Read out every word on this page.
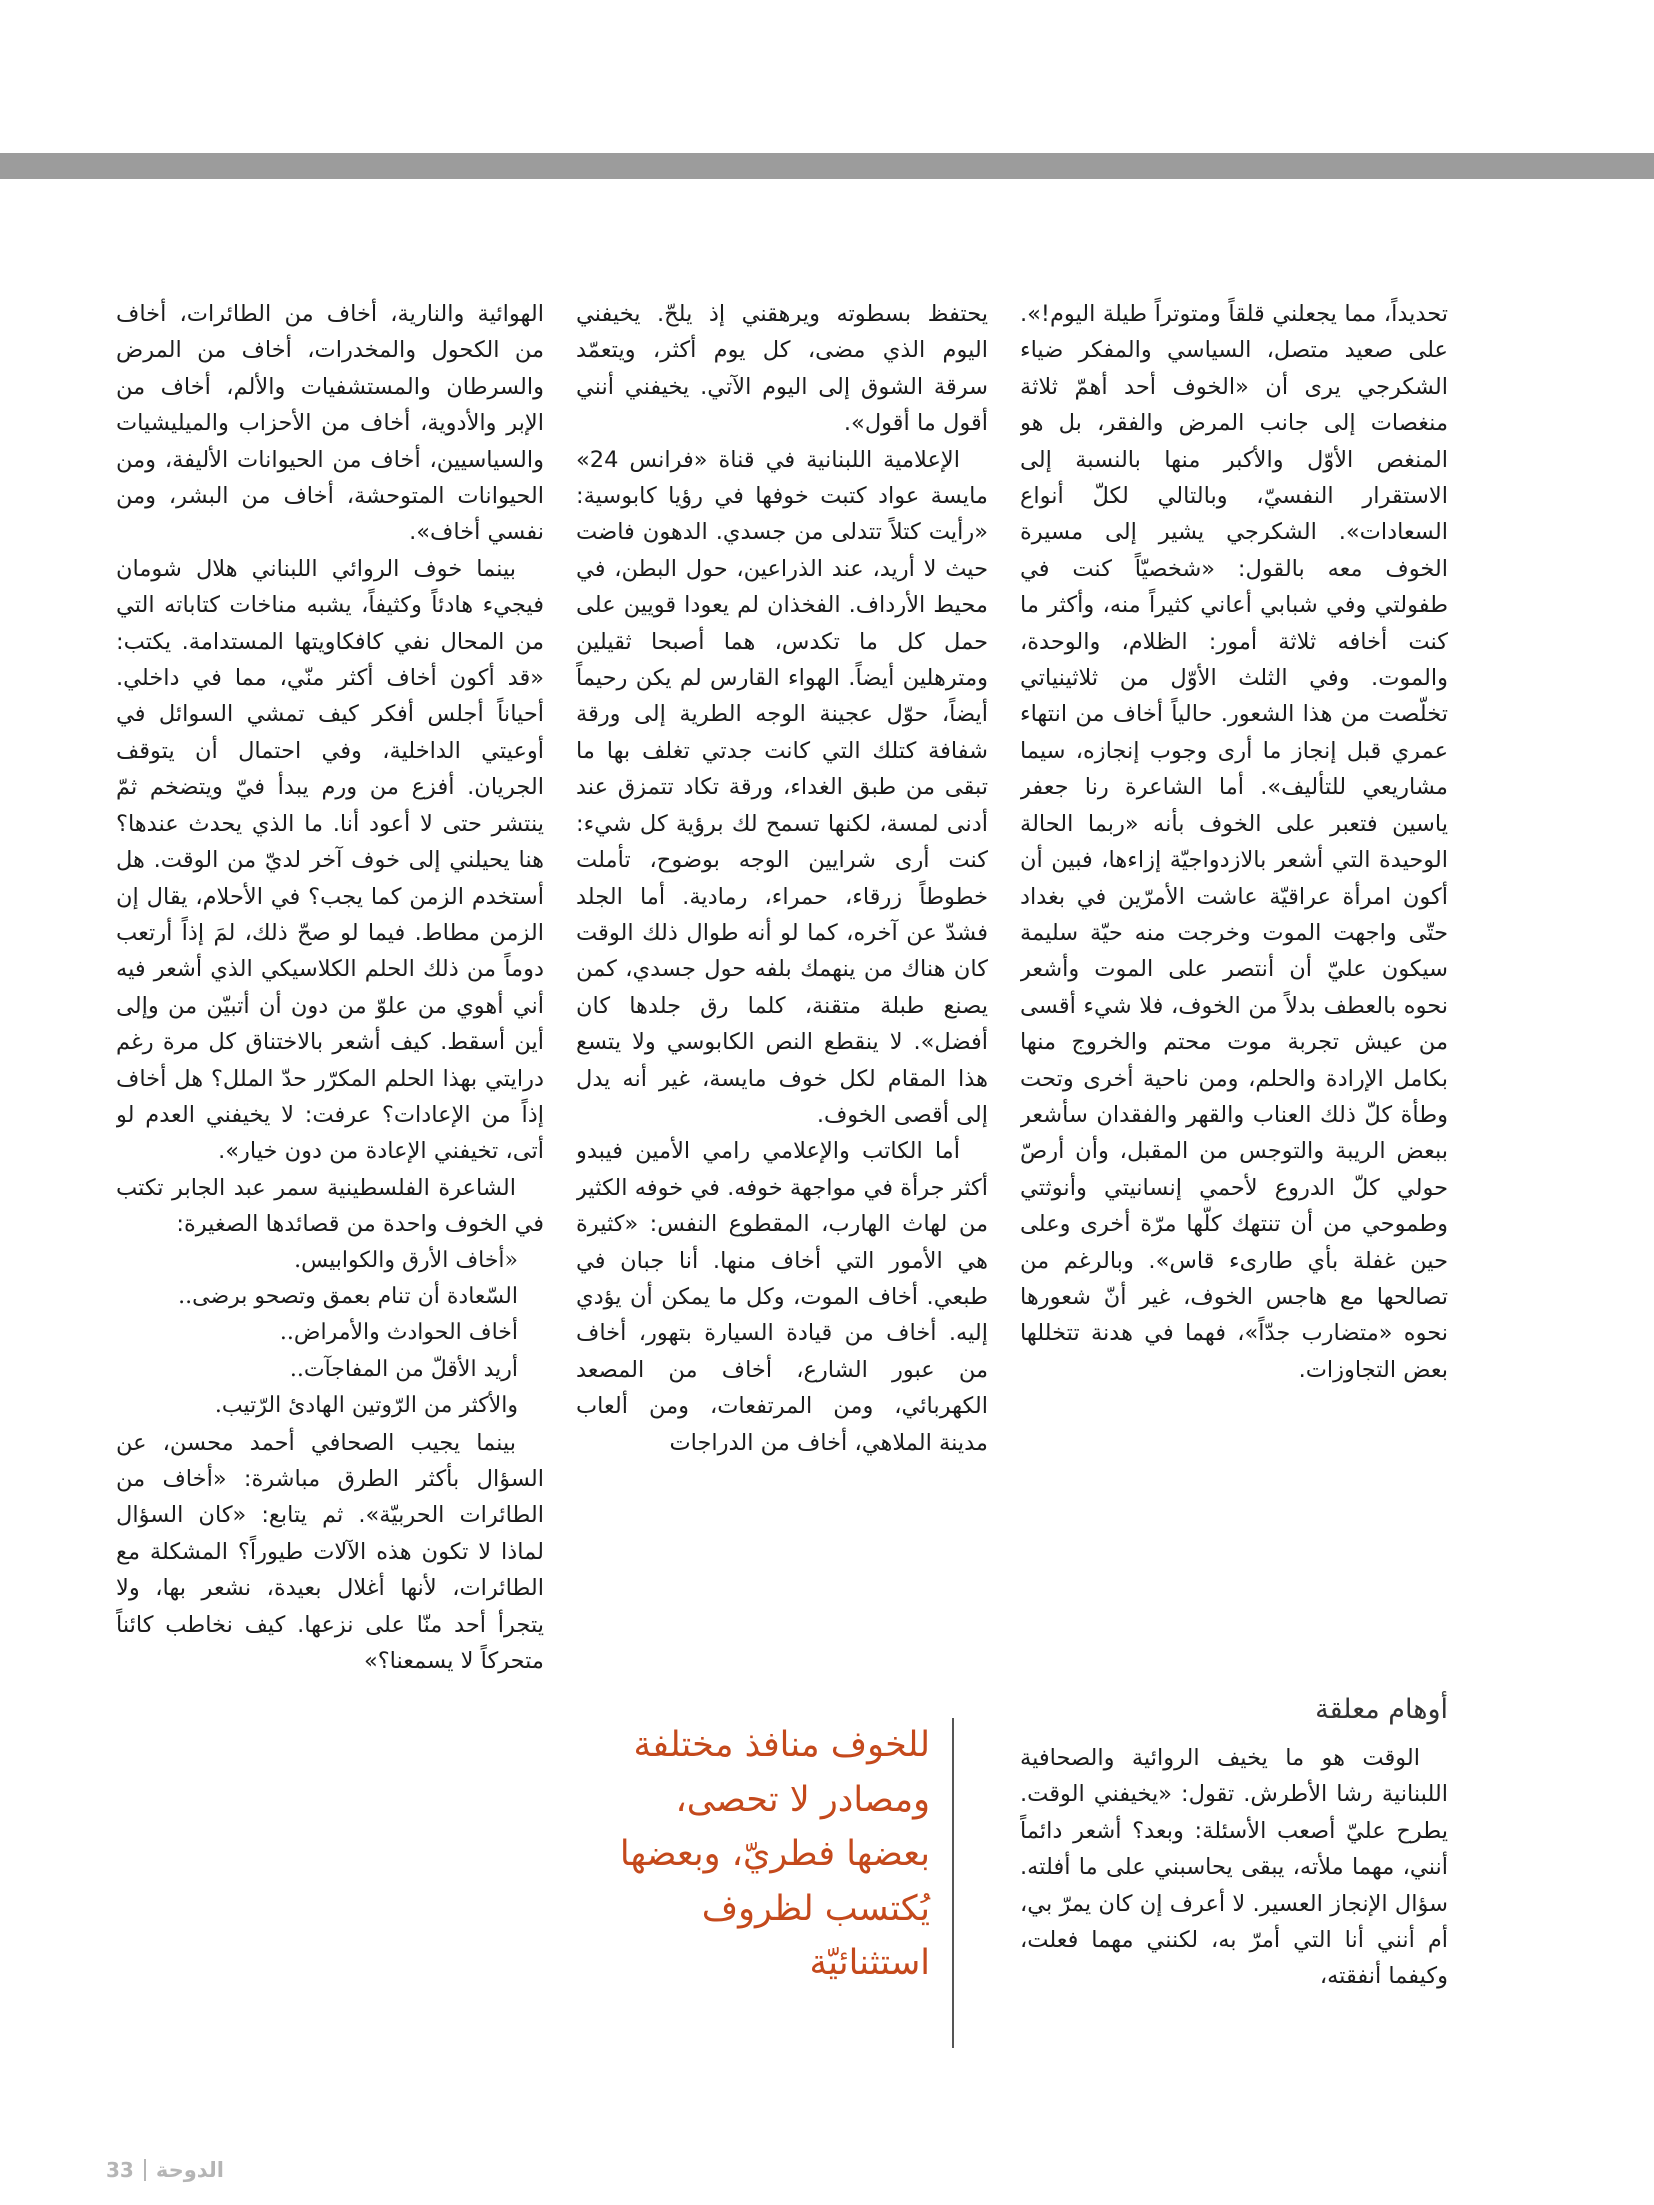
تحديداً، مما يجعلني قلقاً ومتوتراً طيلة اليوم!». على صعيد متصل، السياسي والمفكر ضياء الشكرجي يرى أن «الخوف أحد أهمّ ثلاثة منغصات إلى جانب المرض والفقر، بل هو المنغص الأوّل والأكبر منها بالنسبة إلى الاستقرار النفسيّ، وبالتالي لكلّ أنواع السعادات». الشكرجي يشير إلى مسيرة الخوف معه بالقول: «شخصيّاً كنت في طفولتي وفي شبابي أعاني كثيراً منه، وأكثر ما كنت أخافه ثلاثة أمور: الظلام، والوحدة، والموت. وفي الثلث الأوّل من ثلاثينياتي تخلّصت من هذا الشعور. حالياً أخاف من انتهاء عمري قبل إنجاز ما أرى وجوب إنجازه، سيما مشاريعي للتأليف». أما الشاعرة رنا جعفر ياسين فتعبر على الخوف بأنه «ربما الحالة الوحيدة التي أشعر بالازدواجيّة إزاءها، فبين أن أكون امرأة عراقيّة عاشت الأمرّين في بغداد حتّى واجهت الموت وخرجت منه حيّة سليمة سيكون عليّ أن أنتصر على الموت وأشعر نحوه بالعطف بدلاً من الخوف، فلا شيء أقسى من عيش تجربة موت محتم والخروج منها بكامل الإرادة والحلم، ومن ناحية أخرى وتحت وطأة كلّ ذلك العناب والقهر والفقدان سأشعر ببعض الريبة والتوجس من المقبل، وأن أرصّ حولي كلّ الدروع لأحمي إنسانيتي وأنوثتي وطموحي من أن تنتهك كلّها مرّة أخرى وعلى حين غفلة بأي طارىء قاس». وبالرغم من تصالحها مع هاجس الخوف، غير أنّ شعورها نحوه «متضارب جدّاً»، فهما في هدنة تتخللها بعض التجاوزات.

أوهام معلقة

الوقت هو ما يخيف الروائية والصحافية اللبنانية رشا الأطرش. تقول: «يخيفني الوقت. يطرح عليّ أصعب الأسئلة: وبعد؟ أشعر دائماً أنني، مهما ملأته، يبقى يحاسبني على ما أفلته. سؤال الإنجاز العسير. لا أعرف إن كان يمرّ بي، أم أنني أنا التي أمرّ به، لكنني مهما فعلت، وكيفما أنفقته،

يحتفظ بسطوته ويرهقني إذ يلحّ. يخيفني اليوم الذي مضى، كل يوم أكثر، ويتعمّد سرقة الشوق إلى اليوم الآتي. يخيفني أنني أقول ما أقول».

الإعلامية اللبنانية في قناة «فرانس 24» مايسة عواد كتبت خوفها في رؤيا كابوسية: «رأيت كتلاً تتدلى من جسدي. الدهون فاضت حيث لا أريد، عند الذراعين، حول البطن، في محيط الأرداف. الفخذان لم يعودا قويين على حمل كل ما تكدس، هما أصبحا ثقيلين ومترهلين أيضاً. الهواء القارس لم يكن رحيماً أيضاً، حوّل عجينة الوجه الطرية إلى ورقة شفافة كتلك التي كانت جدتي تغلف بها ما تبقى من طبق الغداء، ورقة تكاد تتمزق عند أدنى لمسة، لكنها تسمح لك برؤية كل شيء: كنت أرى شرايين الوجه بوضوح، تأملت خطوطاً زرقاء، حمراء، رمادية. أما الجلد فشدّ عن آخره، كما لو أنه طوال ذلك الوقت كان هناك من ينهمك بلفه حول جسدي، كمن يصنع طبلة متقنة، كلما رق جلدها كان أفضل». لا ينقطع النص الكابوسي ولا يتسع هذا المقام لكل خوف مايسة، غير أنه يدل إلى أقصى الخوف.

أما الكاتب والإعلامي رامي الأمين فيبدو أكثر جرأة في مواجهة خوفه. في خوفه الكثير من لهاث الهارب، المقطوع النفس: «كثيرة هي الأمور التي أخاف منها. أنا جبان في طبعي. أخاف الموت، وكل ما يمكن أن يؤدي إليه. أخاف من قيادة السيارة بتهور، أخاف من عبور الشارع، أخاف من المصعد الكهربائي، ومن المرتفعات، ومن ألعاب مدينة الملاهي، أخاف من الدراجات

للخوف منافذ مختلفة ومصادر لا تحصى، بعضها فطريّ، وبعضها يُكتسب لظروف استثنائيّة

الهوائية والنارية، أخاف من الطائرات، أخاف من الكحول والمخدرات، أخاف من المرض والسرطان والمستشفيات والألم، أخاف من الإبر والأدوية، أخاف من الأحزاب والميليشيات والسياسيين، أخاف من الحيوانات الأليفة، ومن الحيوانات المتوحشة، أخاف من البشر، ومن نفسي أخاف».

بينما خوف الروائي اللبناني هلال شومان فيجيء هادئاً وكثيفاً، يشبه مناخات كتاباته التي من المحال نفي كافكاويتها المستدامة. يكتب: «قد أكون أخاف أكثر منّي، مما في داخلي. أحياناً أجلس أفكر كيف تمشي السوائل في أوعيتي الداخلية، وفي احتمال أن يتوقف الجريان. أفزع من ورم يبدأ فيّ ويتضخم ثمّ ينتشر حتى لا أعود أنا. ما الذي يحدث عندها؟ هنا يحيلني إلى خوف آخر لديّ من الوقت. هل أستخدم الزمن كما يجب؟ في الأحلام، يقال إن الزمن مطاط. فيما لو صحّ ذلك، لمَ إذاً أرتعب دوماً من ذلك الحلم الكلاسيكي الذي أشعر فيه أني أهوي من علوّ من دون أن أتبيّن من وإلى أين أسقط. كيف أشعر بالاختناق كل مرة رغم درايتي بهذا الحلم المكرّر حدّ الملل؟ هل أخاف إذاً من الإعادات؟ عرفت: لا يخيفني العدم لو أتى، تخيفني الإعادة من دون خيار».

الشاعرة الفلسطينية سمر عبد الجابر تكتب في الخوف واحدة من قصائدها الصغيرة:

«أخاف الأرق والكوابيس.

السّعادة أن تنام بعمق وتصحو برضى..

أخاف الحوادث والأمراض..

أريد الأقلّ من المفاجآت..

والأكثر من الرّوتين الهادئ الرّتيب.

بينما يجيب الصحافي أحمد محسن، عن السؤال بأكثر الطرق مباشرة: «أخاف من الطائرات الحربيّة». ثم يتابع: «كان السؤال لماذا لا تكون هذه الآلات طيوراً؟ المشكلة مع الطائرات، لأنها أغلال بعيدة، نشعر بها، ولا يتجرأ أحد منّا على نزعها. كيف نخاطب كائناً متحركاً لا يسمعنا؟»

الدوحة
33
